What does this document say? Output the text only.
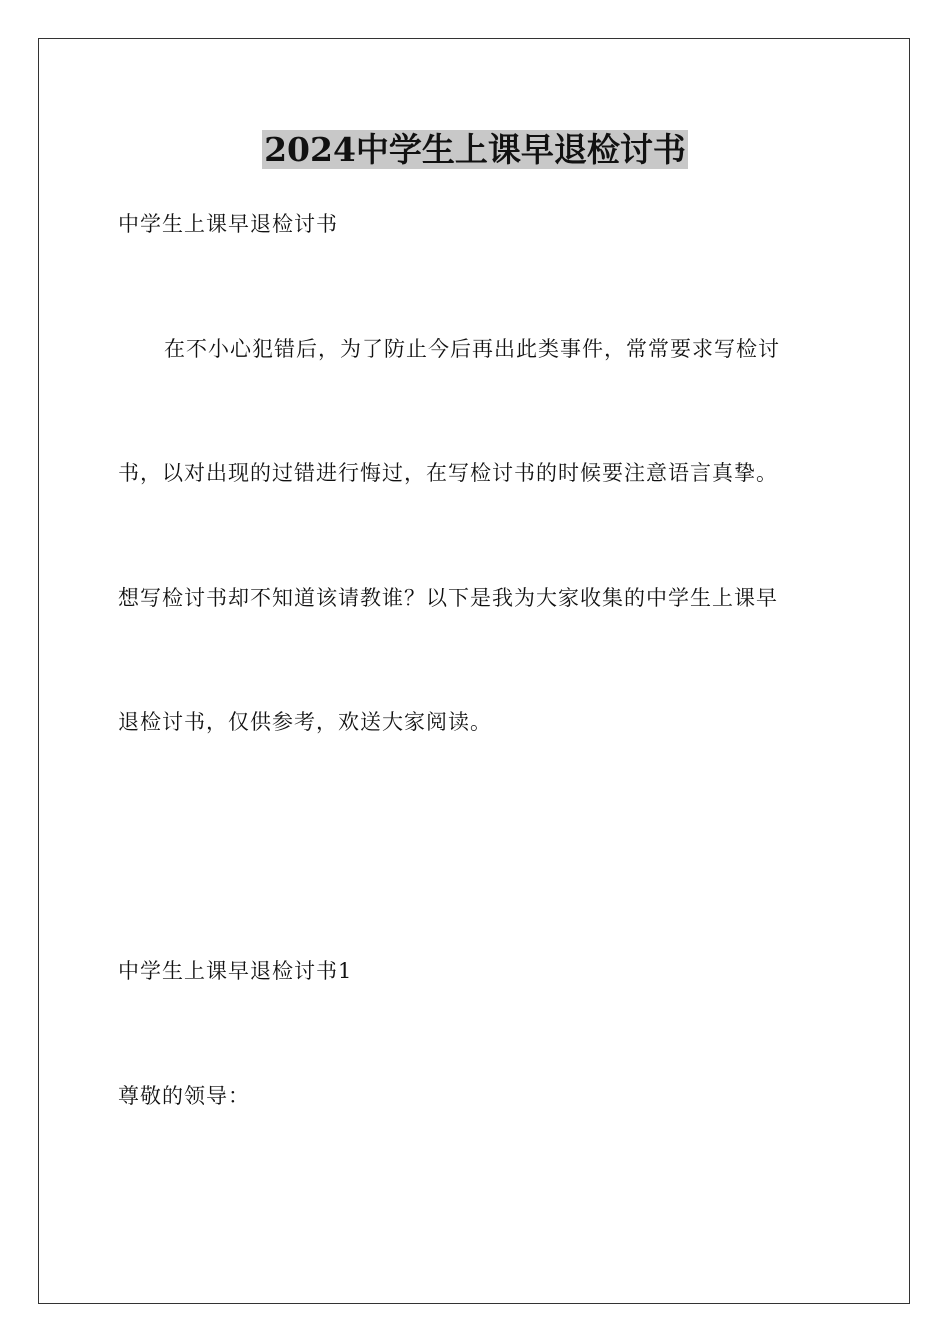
2024中学生上课早退检讨书

中学生上课早退检讨书

在不小心犯错后，为了防止今后再出此类事件，常常要求写检讨

书，以对出现的过错进行悔过，在写检讨书的时候要注意语言真挚。

想写检讨书却不知道该请教谁？以下是我为大家收集的中学生上课早

退检讨书，仅供参考，欢送大家阅读。

中学生上课早退检讨书1

尊敬的领导：
